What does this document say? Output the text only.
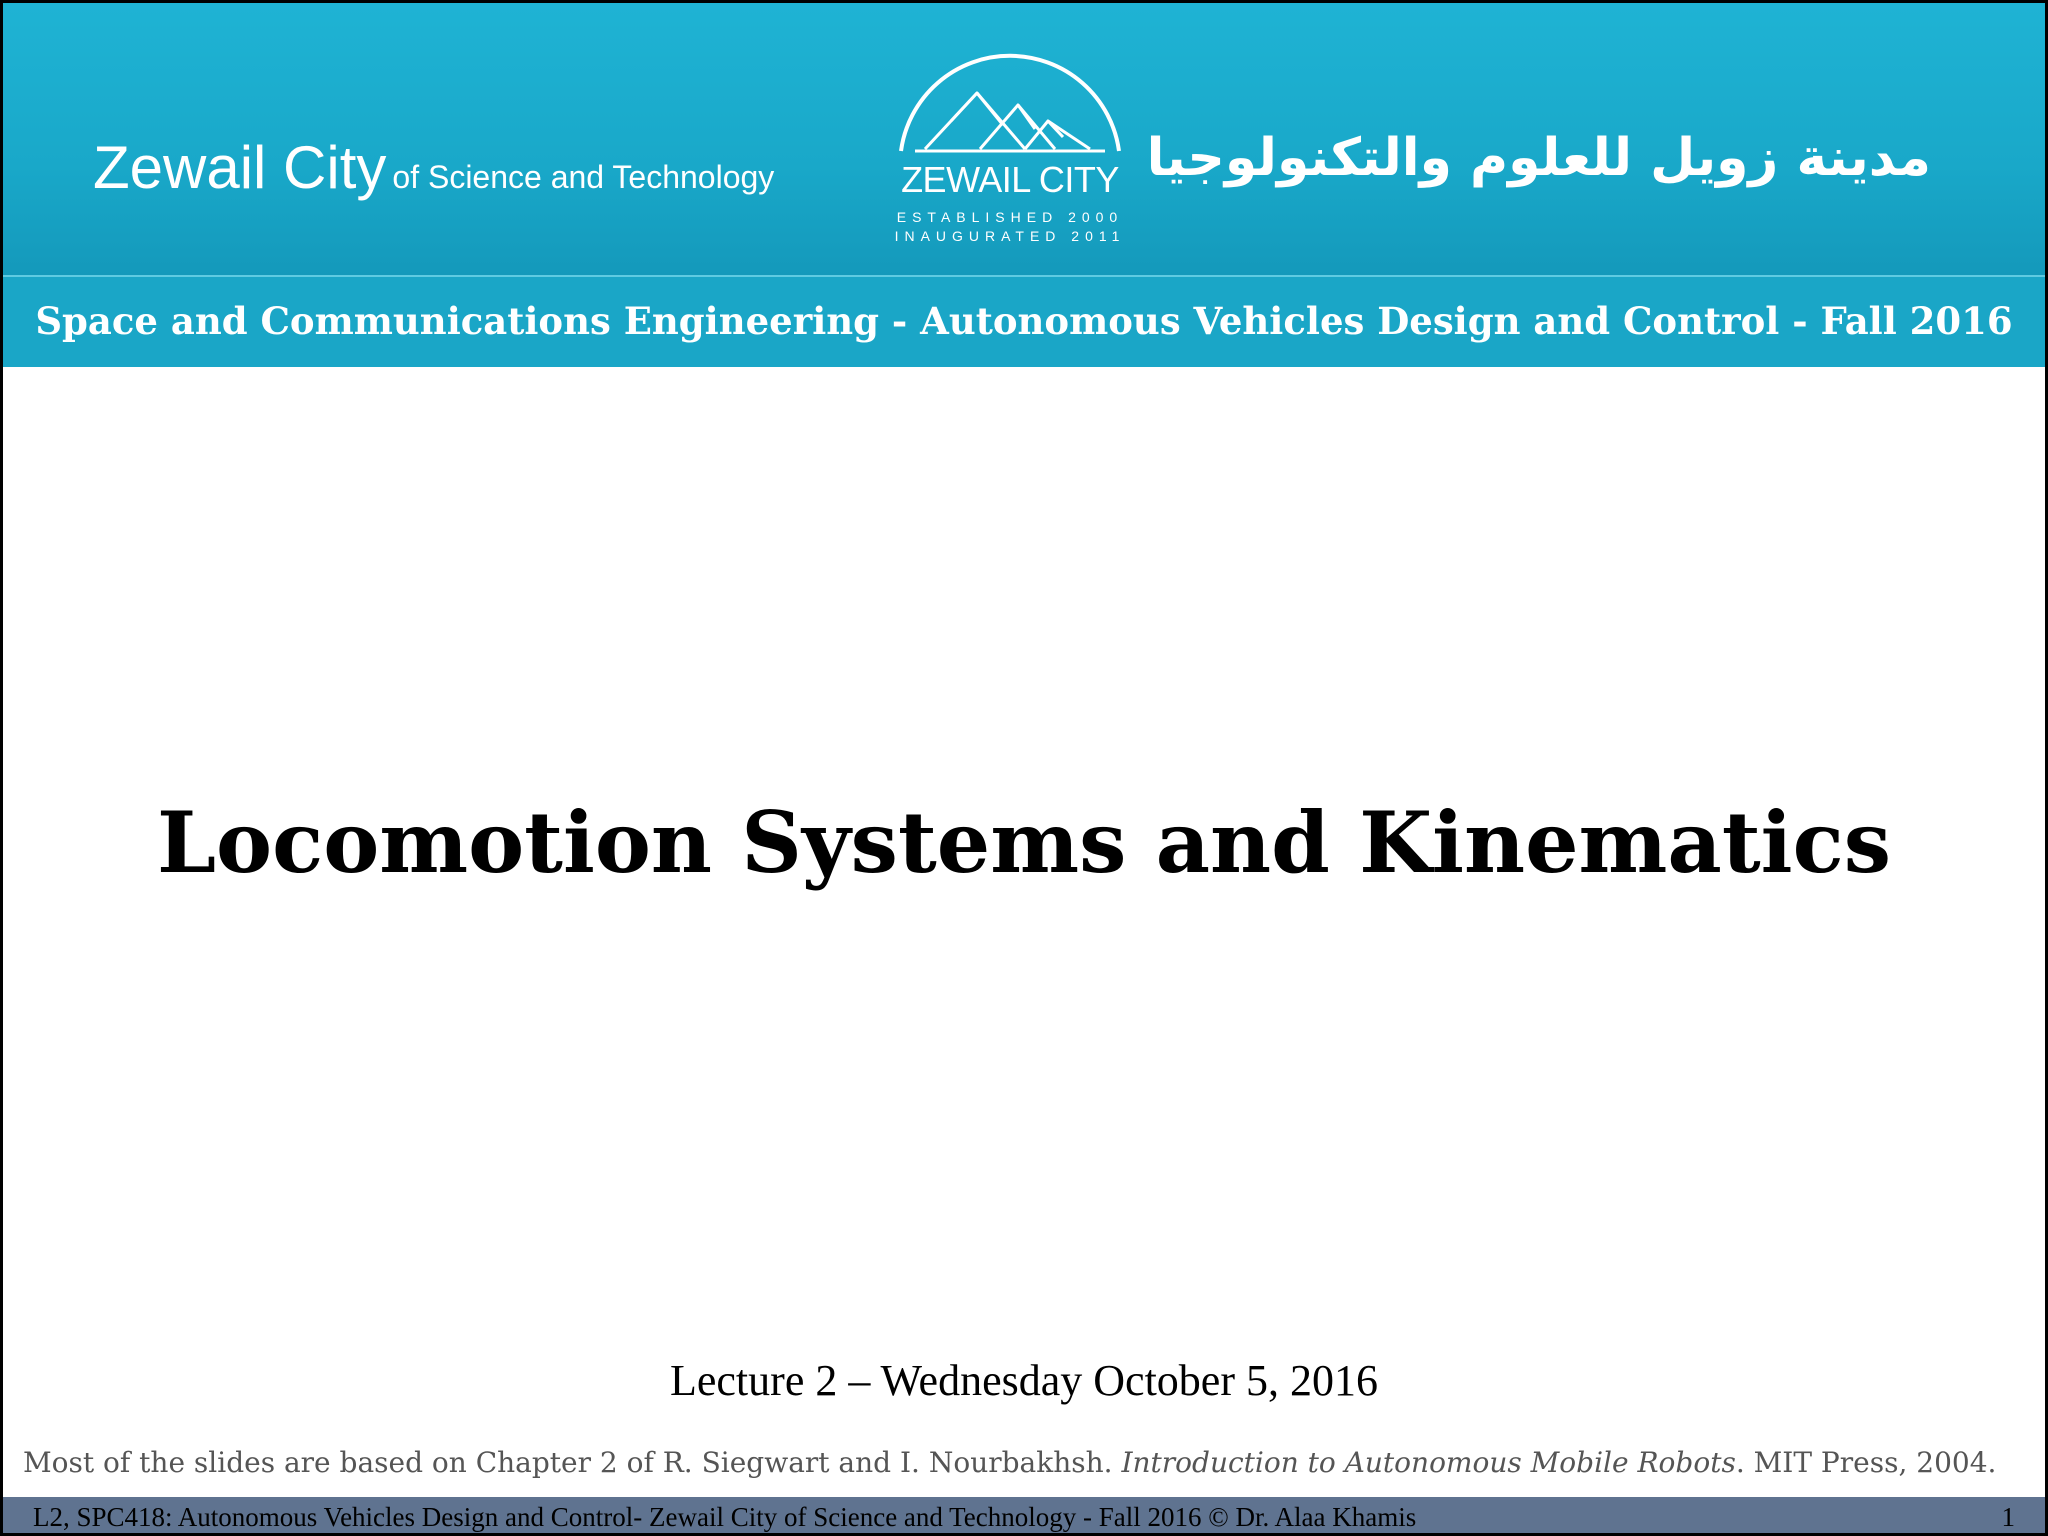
Zewail City of Science and Technology	ZEWAIL CITY
ESTABLISHED 2000
INAUGURATED 2011
مدينة زويل للعلوم والتكنولوجيا
Space and Communications Engineering - Autonomous Vehicles Design and Control - Fall 2016
Locomotion Systems and Kinematics
Lecture 2 – Wednesday October 5, 2016
Most of the slides are based on Chapter 2 of R. Siegwart and I. Nourbakhsh. Introduction to Autonomous Mobile Robots. MIT Press, 2004.
L2, SPC418: Autonomous Vehicles Design and Control- Zewail City of Science and Technology - Fall 2016 © Dr. Alaa Khamis	1
